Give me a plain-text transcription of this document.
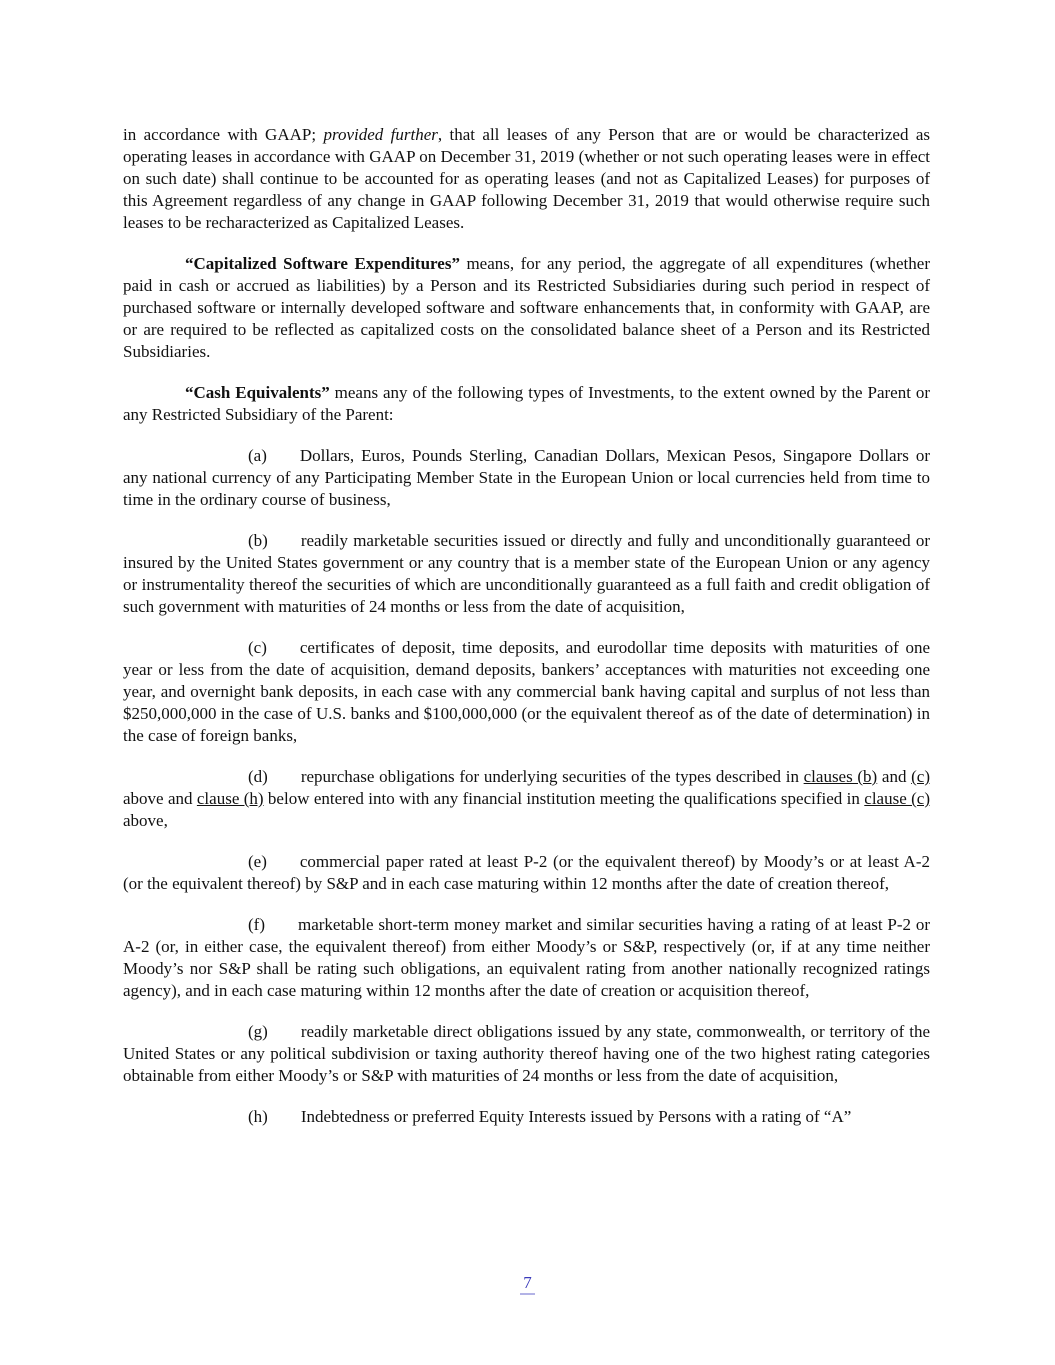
in accordance with GAAP; provided further, that all leases of any Person that are or would be characterized as operating leases in accordance with GAAP on December 31, 2019 (whether or not such operating leases were in effect on such date) shall continue to be accounted for as operating leases (and not as Capitalized Leases) for purposes of this Agreement regardless of any change in GAAP following December 31, 2019 that would otherwise require such leases to be recharacterized as Capitalized Leases.

“Capitalized Software Expenditures” means, for any period, the aggregate of all expenditures (whether paid in cash or accrued as liabilities) by a Person and its Restricted Subsidiaries during such period in respect of purchased software or internally developed software and software enhancements that, in conformity with GAAP, are or are required to be reflected as capitalized costs on the consolidated balance sheet of a Person and its Restricted Subsidiaries.

“Cash Equivalents” means any of the following types of Investments, to the extent owned by the Parent or any Restricted Subsidiary of the Parent:

(a) Dollars, Euros, Pounds Sterling, Canadian Dollars, Mexican Pesos, Singapore Dollars or any national currency of any Participating Member State in the European Union or local currencies held from time to time in the ordinary course of business,

(b) readily marketable securities issued or directly and fully and unconditionally guaranteed or insured by the United States government or any country that is a member state of the European Union or any agency or instrumentality thereof the securities of which are unconditionally guaranteed as a full faith and credit obligation of such government with maturities of 24 months or less from the date of acquisition,

(c) certificates of deposit, time deposits, and eurodollar time deposits with maturities of one year or less from the date of acquisition, demand deposits, bankers’ acceptances with maturities not exceeding one year, and overnight bank deposits, in each case with any commercial bank having capital and surplus of not less than $250,000,000 in the case of U.S. banks and $100,000,000 (or the equivalent thereof as of the date of determination) in the case of foreign banks,

(d) repurchase obligations for underlying securities of the types described in clauses (b) and (c) above and clause (h) below entered into with any financial institution meeting the qualifications specified in clause (c) above,

(e) commercial paper rated at least P-2 (or the equivalent thereof) by Moody’s or at least A-2 (or the equivalent thereof) by S&P and in each case maturing within 12 months after the date of creation thereof,

(f) marketable short-term money market and similar securities having a rating of at least P-2 or A-2 (or, in either case, the equivalent thereof) from either Moody’s or S&P, respectively (or, if at any time neither Moody’s nor S&P shall be rating such obligations, an equivalent rating from another nationally recognized ratings agency), and in each case maturing within 12 months after the date of creation or acquisition thereof,

(g) readily marketable direct obligations issued by any state, commonwealth, or territory of the United States or any political subdivision or taxing authority thereof having one of the two highest rating categories obtainable from either Moody’s or S&P with maturities of 24 months or less from the date of acquisition,

(h) Indebtedness or preferred Equity Interests issued by Persons with a rating of “A”

7
